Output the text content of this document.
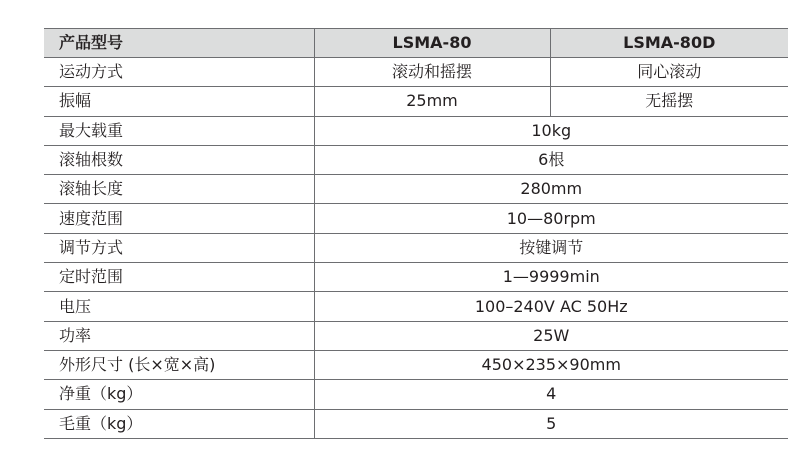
产品型号	LSMA-80	LSMA-80D
运动方式	滚动和摇摆	同心滚动
振幅	25mm	无摇摆
最大载重	10kg	
滚轴根数	6根	
滚轴长度	280mm	
速度范围	10—80rpm	
调节方式	按键调节	
定时范围	1—9999min	
电压	100–240V AC 50Hz	
功率	25W	
外形尺寸 (长×宽×高)	450×235×90mm	
净重（kg）	4	
毛重（kg）	5	
